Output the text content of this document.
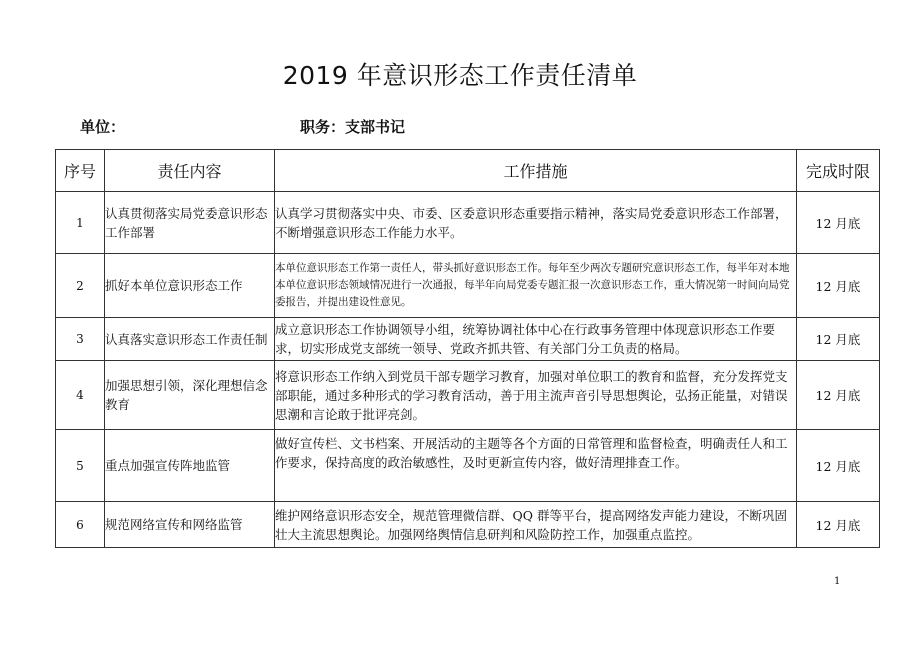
2019 年意识形态工作责任清单
单位：	职务：支部书记
序号	责任内容	工作措施	完成时限
1	认真贯彻落实局党委意识形态工作部署	认真学习贯彻落实中央、市委、区委意识形态重要指示精神，落实局党委意识形态工作部署，不断增强意识形态工作能力水平。	12 月底
2	抓好本单位意识形态工作	本单位意识形态工作第一责任人，带头抓好意识形态工作。每年至少两次专题研究意识形态工作，每半年对本地本单位意识形态领域情况进行一次通报，每半年向局党委专题汇报一次意识形态工作，重大情况第一时间向局党委报告，并提出建设性意见。	12 月底
3	认真落实意识形态工作责任制	成立意识形态工作协调领导小组，统筹协调社体中心在行政事务管理中体现意识形态工作要求，切实形成党支部统一领导、党政齐抓共管、有关部门分工负责的格局。	12 月底
4	加强思想引领，深化理想信念教育	将意识形态工作纳入到党员干部专题学习教育，加强对单位职工的教育和监督，充分发挥党支部职能，通过多种形式的学习教育活动，善于用主流声音引导思想舆论，弘扬正能量，对错误思潮和言论敢于批评亮剑。	12 月底
5	重点加强宣传阵地监管	做好宣传栏、文书档案、开展活动的主题等各个方面的日常管理和监督检查，明确责任人和工作要求，保持高度的政治敏感性，及时更新宣传内容，做好清理排查工作。	12 月底
6	规范网络宣传和网络监管	维护网络意识形态安全，规范管理微信群、QQ 群等平台，提高网络发声能力建设，不断巩固壮大主流思想舆论。加强网络舆情信息研判和风险防控工作，加强重点监控。	12 月底
1
